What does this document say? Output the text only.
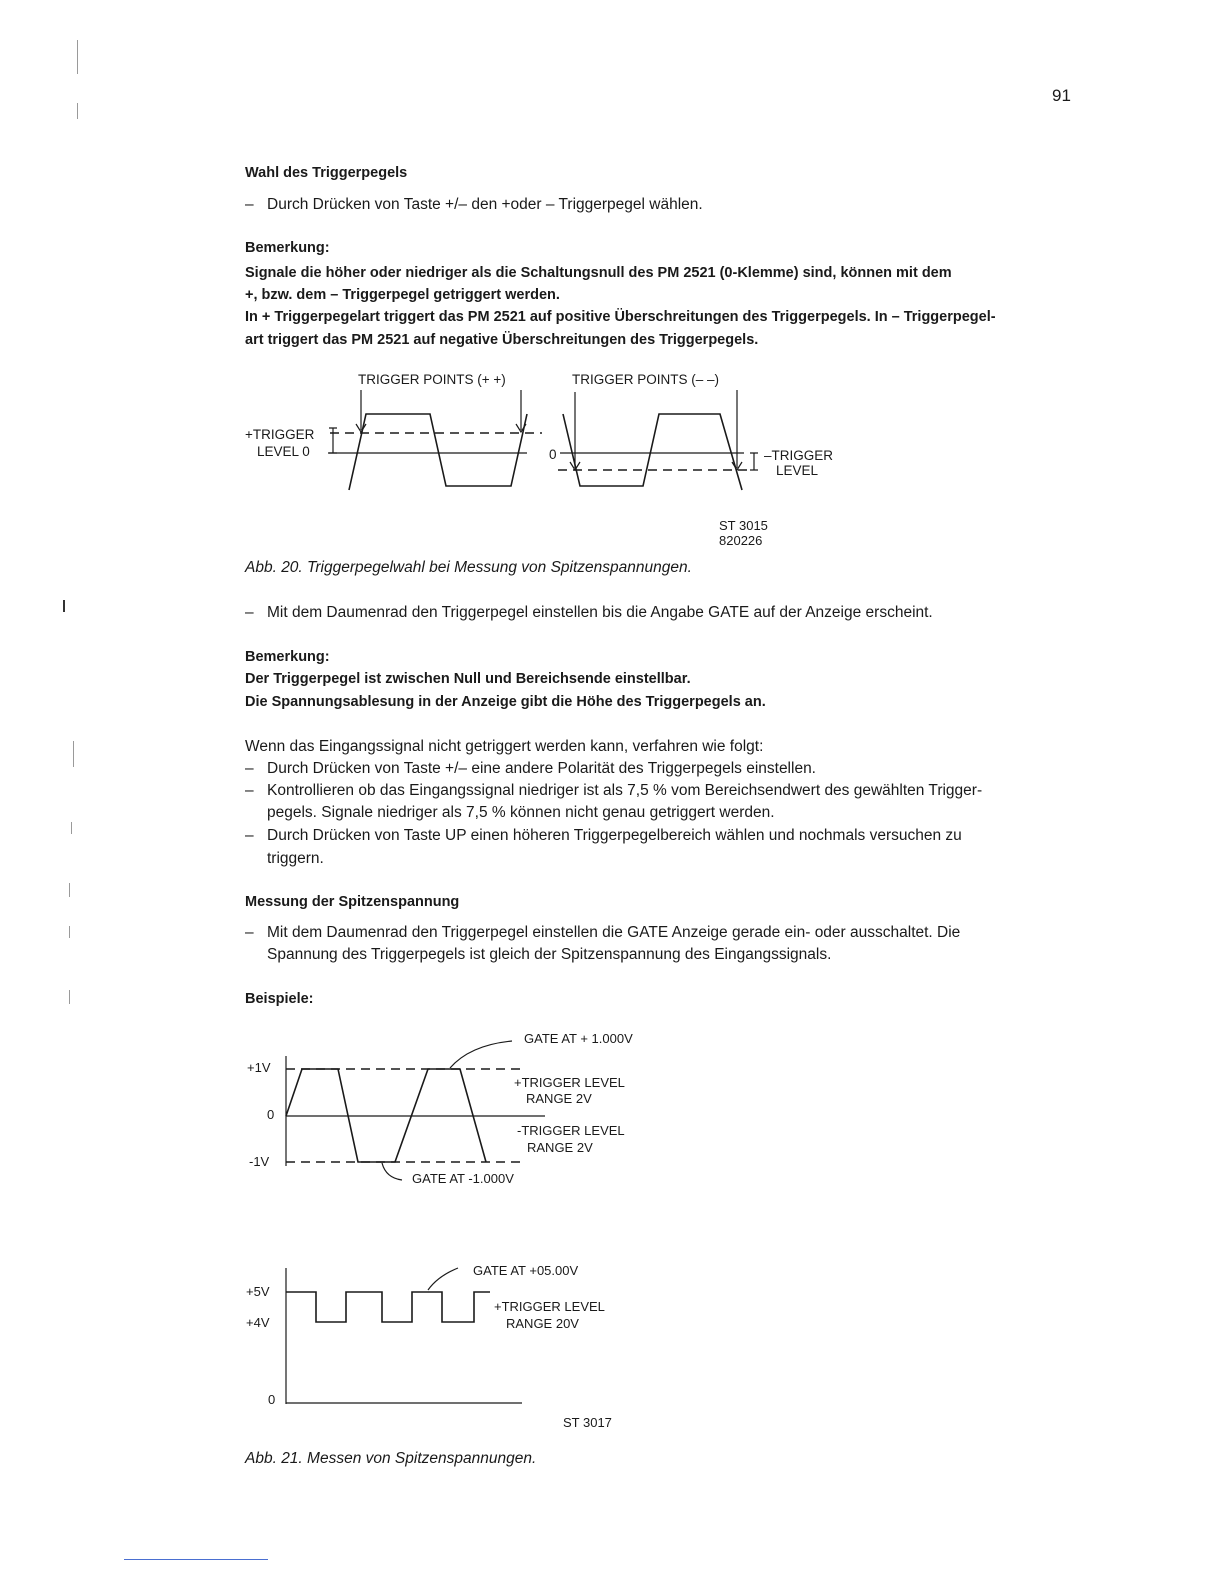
91
Wahl des Triggerpegels
– Durch Drücken von Taste +/– den +oder – Triggerpegel wählen.
Bemerkung:
Signale die höher oder niedriger als die Schaltungsnull des PM 2521 (0-Klemme) sind, können mit dem
+, bzw. dem – Triggerpegel getriggert werden.
In + Triggerpegelart triggert das PM 2521 auf positive Überschreitungen des Triggerpegels. In – Triggerpegel-
art triggert das PM 2521 auf negative Überschreitungen des Triggerpegels.
TRIGGER POINTS (+ +)	TRIGGER POINTS (– –)
+TRIGGER
LEVEL 0	0	–TRIGGER
LEVEL
ST 3015
820226
Abb. 20. Triggerpegelwahl bei Messung von Spitzenspannungen.
– Mit dem Daumenrad den Triggerpegel einstellen bis die Angabe GATE auf der Anzeige erscheint.
Bemerkung:
Der Triggerpegel ist zwischen Null und Bereichsende einstellbar.
Die Spannungsablesung in der Anzeige gibt die Höhe des Triggerpegels an.
Wenn das Eingangssignal nicht getriggert werden kann, verfahren wie folgt:
– Durch Drücken von Taste +/– eine andere Polarität des Triggerpegels einstellen.
– Kontrollieren ob das Eingangssignal niedriger ist als 7,5 % vom Bereichsendwert des gewählten Trigger-
pegels. Signale niedriger als 7,5 % können nicht genau getriggert werden.
– Durch Drücken von Taste UP einen höheren Triggerpegelbereich wählen und nochmals versuchen zu
triggern.
Messung der Spitzenspannung
– Mit dem Daumenrad den Triggerpegel einstellen die GATE Anzeige gerade ein- oder ausschaltet. Die
Spannung des Triggerpegels ist gleich der Spitzenspannung des Eingangssignals.
Beispiele:
GATE AT + 1.000V
+1V
0
-1V
+TRIGGER LEVEL
RANGE 2V
-TRIGGER LEVEL
RANGE 2V
GATE AT -1.000V
GATE AT +05.00V
+5V
+4V
0
+TRIGGER LEVEL
RANGE 20V
ST 3017
Abb. 21. Messen von Spitzenspannungen.
